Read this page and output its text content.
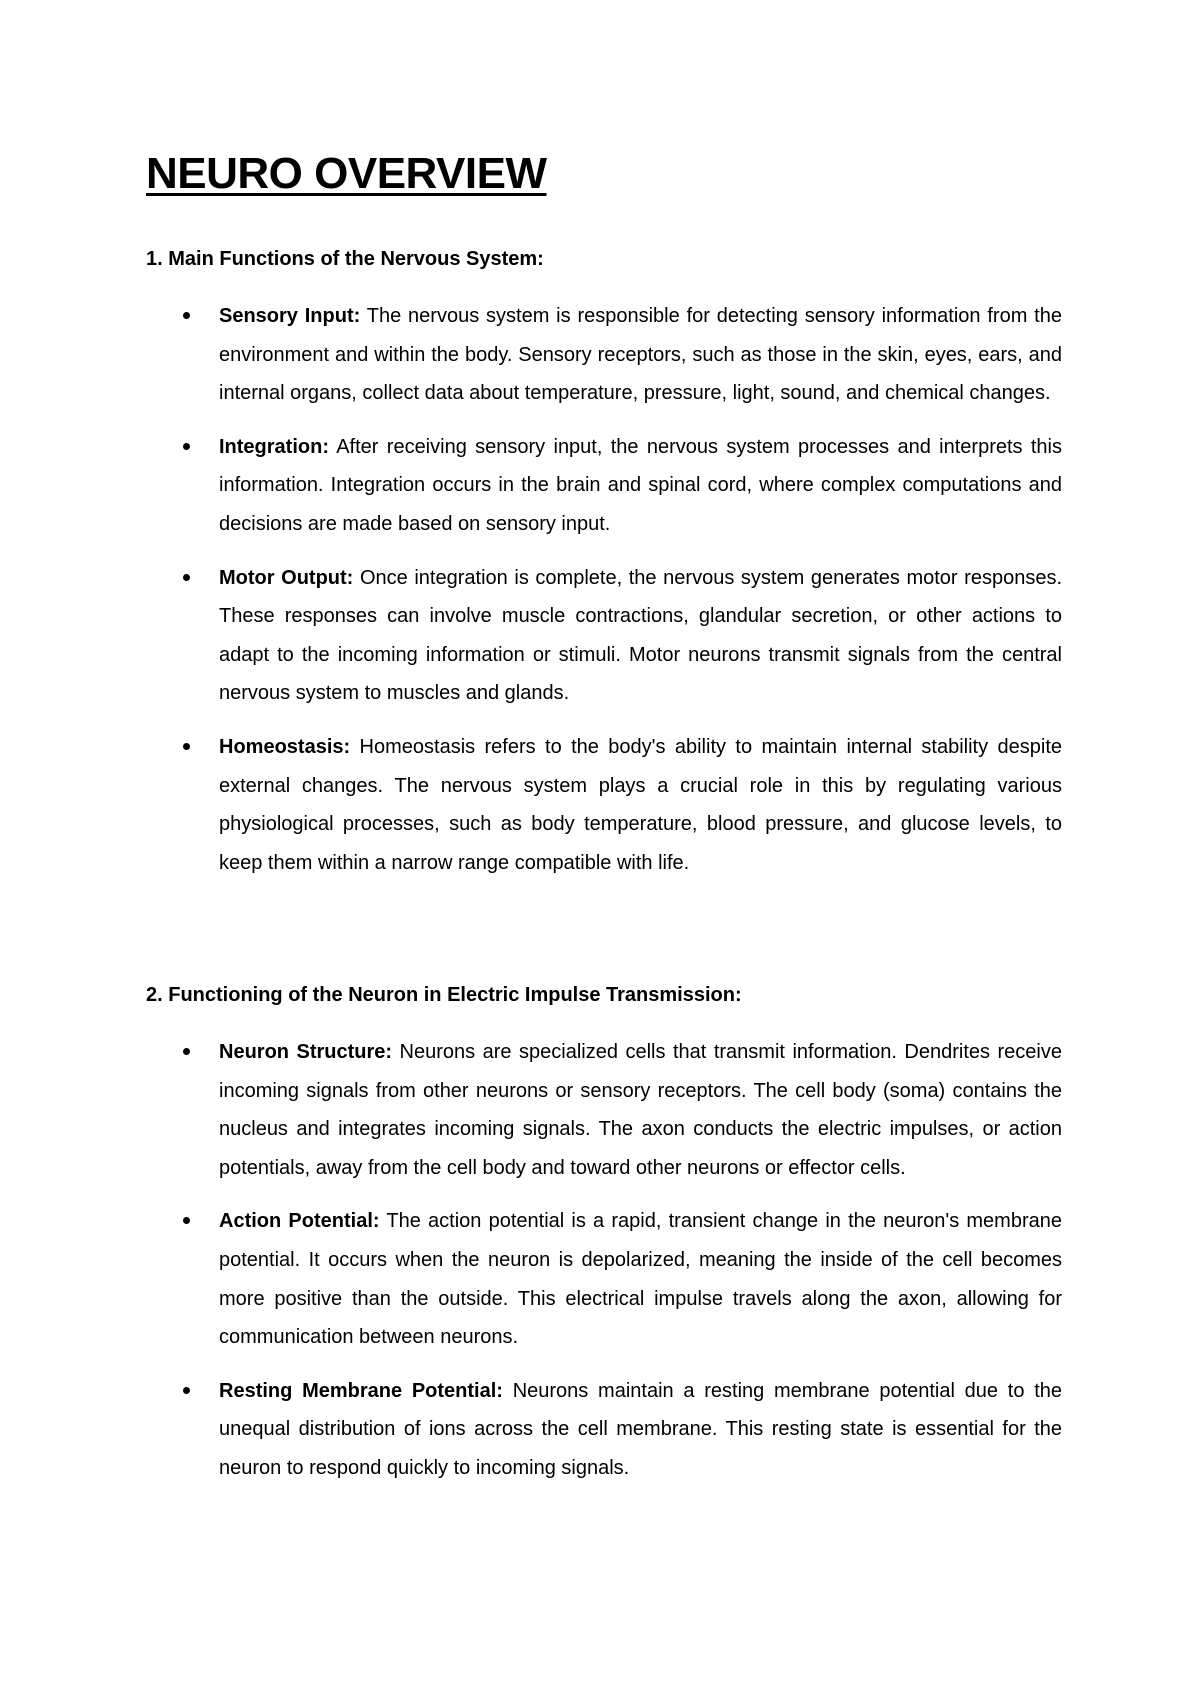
NEURO OVERVIEW
1. Main Functions of the Nervous System:
Sensory Input: The nervous system is responsible for detecting sensory information from the environment and within the body. Sensory receptors, such as those in the skin, eyes, ears, and internal organs, collect data about temperature, pressure, light, sound, and chemical changes.
Integration: After receiving sensory input, the nervous system processes and interprets this information. Integration occurs in the brain and spinal cord, where complex computations and decisions are made based on sensory input.
Motor Output: Once integration is complete, the nervous system generates motor responses. These responses can involve muscle contractions, glandular secretion, or other actions to adapt to the incoming information or stimuli. Motor neurons transmit signals from the central nervous system to muscles and glands.
Homeostasis: Homeostasis refers to the body's ability to maintain internal stability despite external changes. The nervous system plays a crucial role in this by regulating various physiological processes, such as body temperature, blood pressure, and glucose levels, to keep them within a narrow range compatible with life.
2. Functioning of the Neuron in Electric Impulse Transmission:
Neuron Structure: Neurons are specialized cells that transmit information. Dendrites receive incoming signals from other neurons or sensory receptors. The cell body (soma) contains the nucleus and integrates incoming signals. The axon conducts the electric impulses, or action potentials, away from the cell body and toward other neurons or effector cells.
Action Potential: The action potential is a rapid, transient change in the neuron's membrane potential. It occurs when the neuron is depolarized, meaning the inside of the cell becomes more positive than the outside. This electrical impulse travels along the axon, allowing for communication between neurons.
Resting Membrane Potential: Neurons maintain a resting membrane potential due to the unequal distribution of ions across the cell membrane. This resting state is essential for the neuron to respond quickly to incoming signals.
